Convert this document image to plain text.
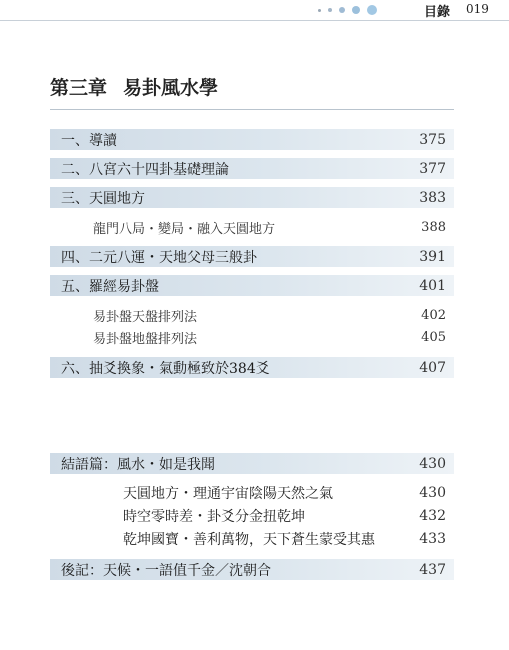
目錄 019
第三章 易卦風水學
一、導讀	375
二、八宮六十四卦基礎理論	377
三、天圓地方	383
龍門八局・變局・融入天圓地方	388
四、二元八運・天地父母三般卦	391
五、羅經易卦盤	401
易卦盤天盤排列法	402
易卦盤地盤排列法	405
六、抽爻換象・氣動極致於384爻	407
結語篇：風水・如是我聞	430
天圓地方・理通宇宙陰陽天然之氣	430
時空零時差・卦爻分金扭乾坤	432
乾坤國寶・善利萬物，天下蒼生蒙受其惠	433
後記：天候・一語值千金／沈朝合	437
